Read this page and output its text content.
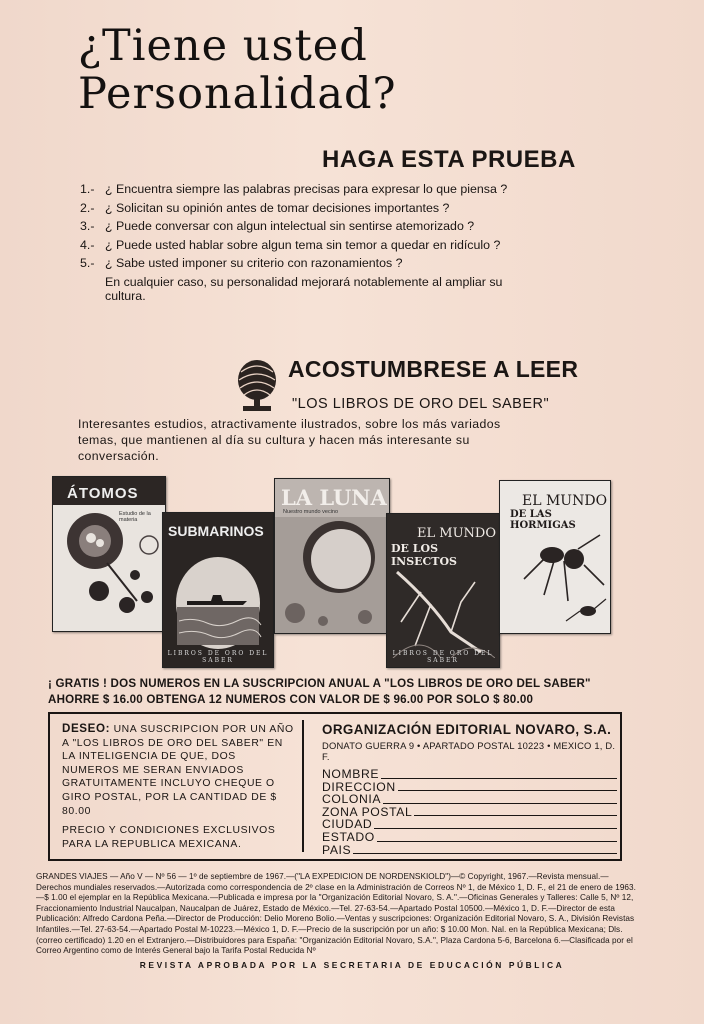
¿Tiene usted
Personalidad?
HAGA ESTA PRUEBA
1.- ¿ Encuentra siempre las palabras precisas para expresar lo que piensa ?
2.- ¿ Solicitan su opinión antes de tomar decisiones importantes ?
3.- ¿ Puede conversar con algun intelectual sin sentirse atemorizado ?
4.- ¿ Puede usted hablar sobre algun tema sin temor a quedar en ridículo ?
5.- ¿ Sabe usted imponer su criterio con razonamientos ?
En cualquier caso, su personalidad mejorará notablemente al ampliar su cultura.
ACOSTUMBRESE A LEER
"LOS LIBROS DE ORO DEL SABER"
Interesantes estudios, atractivamente ilustrados, sobre los más variados temas, que mantienen al día su cultura y hacen más interesante su conversación.
ÁTOMOS
Estudio de la materia
SUBMARINOS
LIBROS DE ORO DEL SABER
LA LUNA
Nuestro mundo vecino
EL MUNDO
DE LOS INSECTOS
LIBROS DE ORO DEL SABER
EL MUNDO
DE LAS HORMIGAS
¡ GRATIS ! DOS NUMEROS EN LA SUSCRIPCION ANUAL A "LOS LIBROS DE ORO DEL SABER"
AHORRE $ 16.00 OBTENGA 12 NUMEROS CON VALOR DE $ 96.00 POR SOLO $ 80.00
DESEO: UNA SUSCRIPCION POR UN AÑO A "LOS LIBROS DE ORO DEL SABER" EN LA INTELIGENCIA DE QUE, DOS NUMEROS ME SERAN ENVIADOS GRATUITAMENTE INCLUYO CHEQUE O GIRO POSTAL, POR LA CANTIDAD DE $ 80.00
PRECIO Y CONDICIONES EXCLUSIVOS PARA LA REPUBLICA MEXICANA.
ORGANIZACIÓN EDITORIAL NOVARO, S.A.
DONATO GUERRA 9 • APARTADO POSTAL 10223 • MEXICO 1, D. F.
NOMBRE
DIRECCION
COLONIA
ZONA POSTAL
CIUDAD
ESTADO
PAIS
GRANDES VIAJES — Año V — Nº 56 — 1º de septiembre de 1967.—("LA EXPEDICION DE NORDENSKIOLD")—© Copyright, 1967.—Revista mensual.— Derechos mundiales reservados.—Autorizada como correspondencia de 2º clase en la Administración de Correos Nº 1, de México 1, D. F., el 21 de enero de 1963.—$ 1.00 el ejemplar en la República Mexicana.—Publicada e impresa por la "Organización Editorial Novaro, S. A.".—Oficinas Generales y Talleres: Calle 5, Nº 12, Fraccionamiento Industrial Naucalpan, Naucalpan de Juárez, Estado de México.—Tel. 27-63-54.—Apartado Postal 10500.—México 1, D. F.—Director de esta Publicación: Alfredo Cardona Peña.—Director de Producción: Delio Moreno Bolio.—Ventas y suscripciones: Organización Editorial Novaro, S. A., División Revistas Infantiles.—Tel. 27-63-54.—Apartado Postal M-10223.—México 1, D. F.—Precio de la suscripción por un año: $ 10.00 Mon. Nal. en la República Mexicana; Dls. (correo certificado) 1.20 en el Extranjero.—Distribuidores para España: "Organización Editorial Novaro, S.A.", Plaza Cardona 5-6, Barcelona 6.—Clasificada por el Correo Argentino como de Interés General bajo la Tarifa Postal Reducida Nº
REVISTA APROBADA POR LA SECRETARIA DE EDUCACIÓN PÚBLICA
